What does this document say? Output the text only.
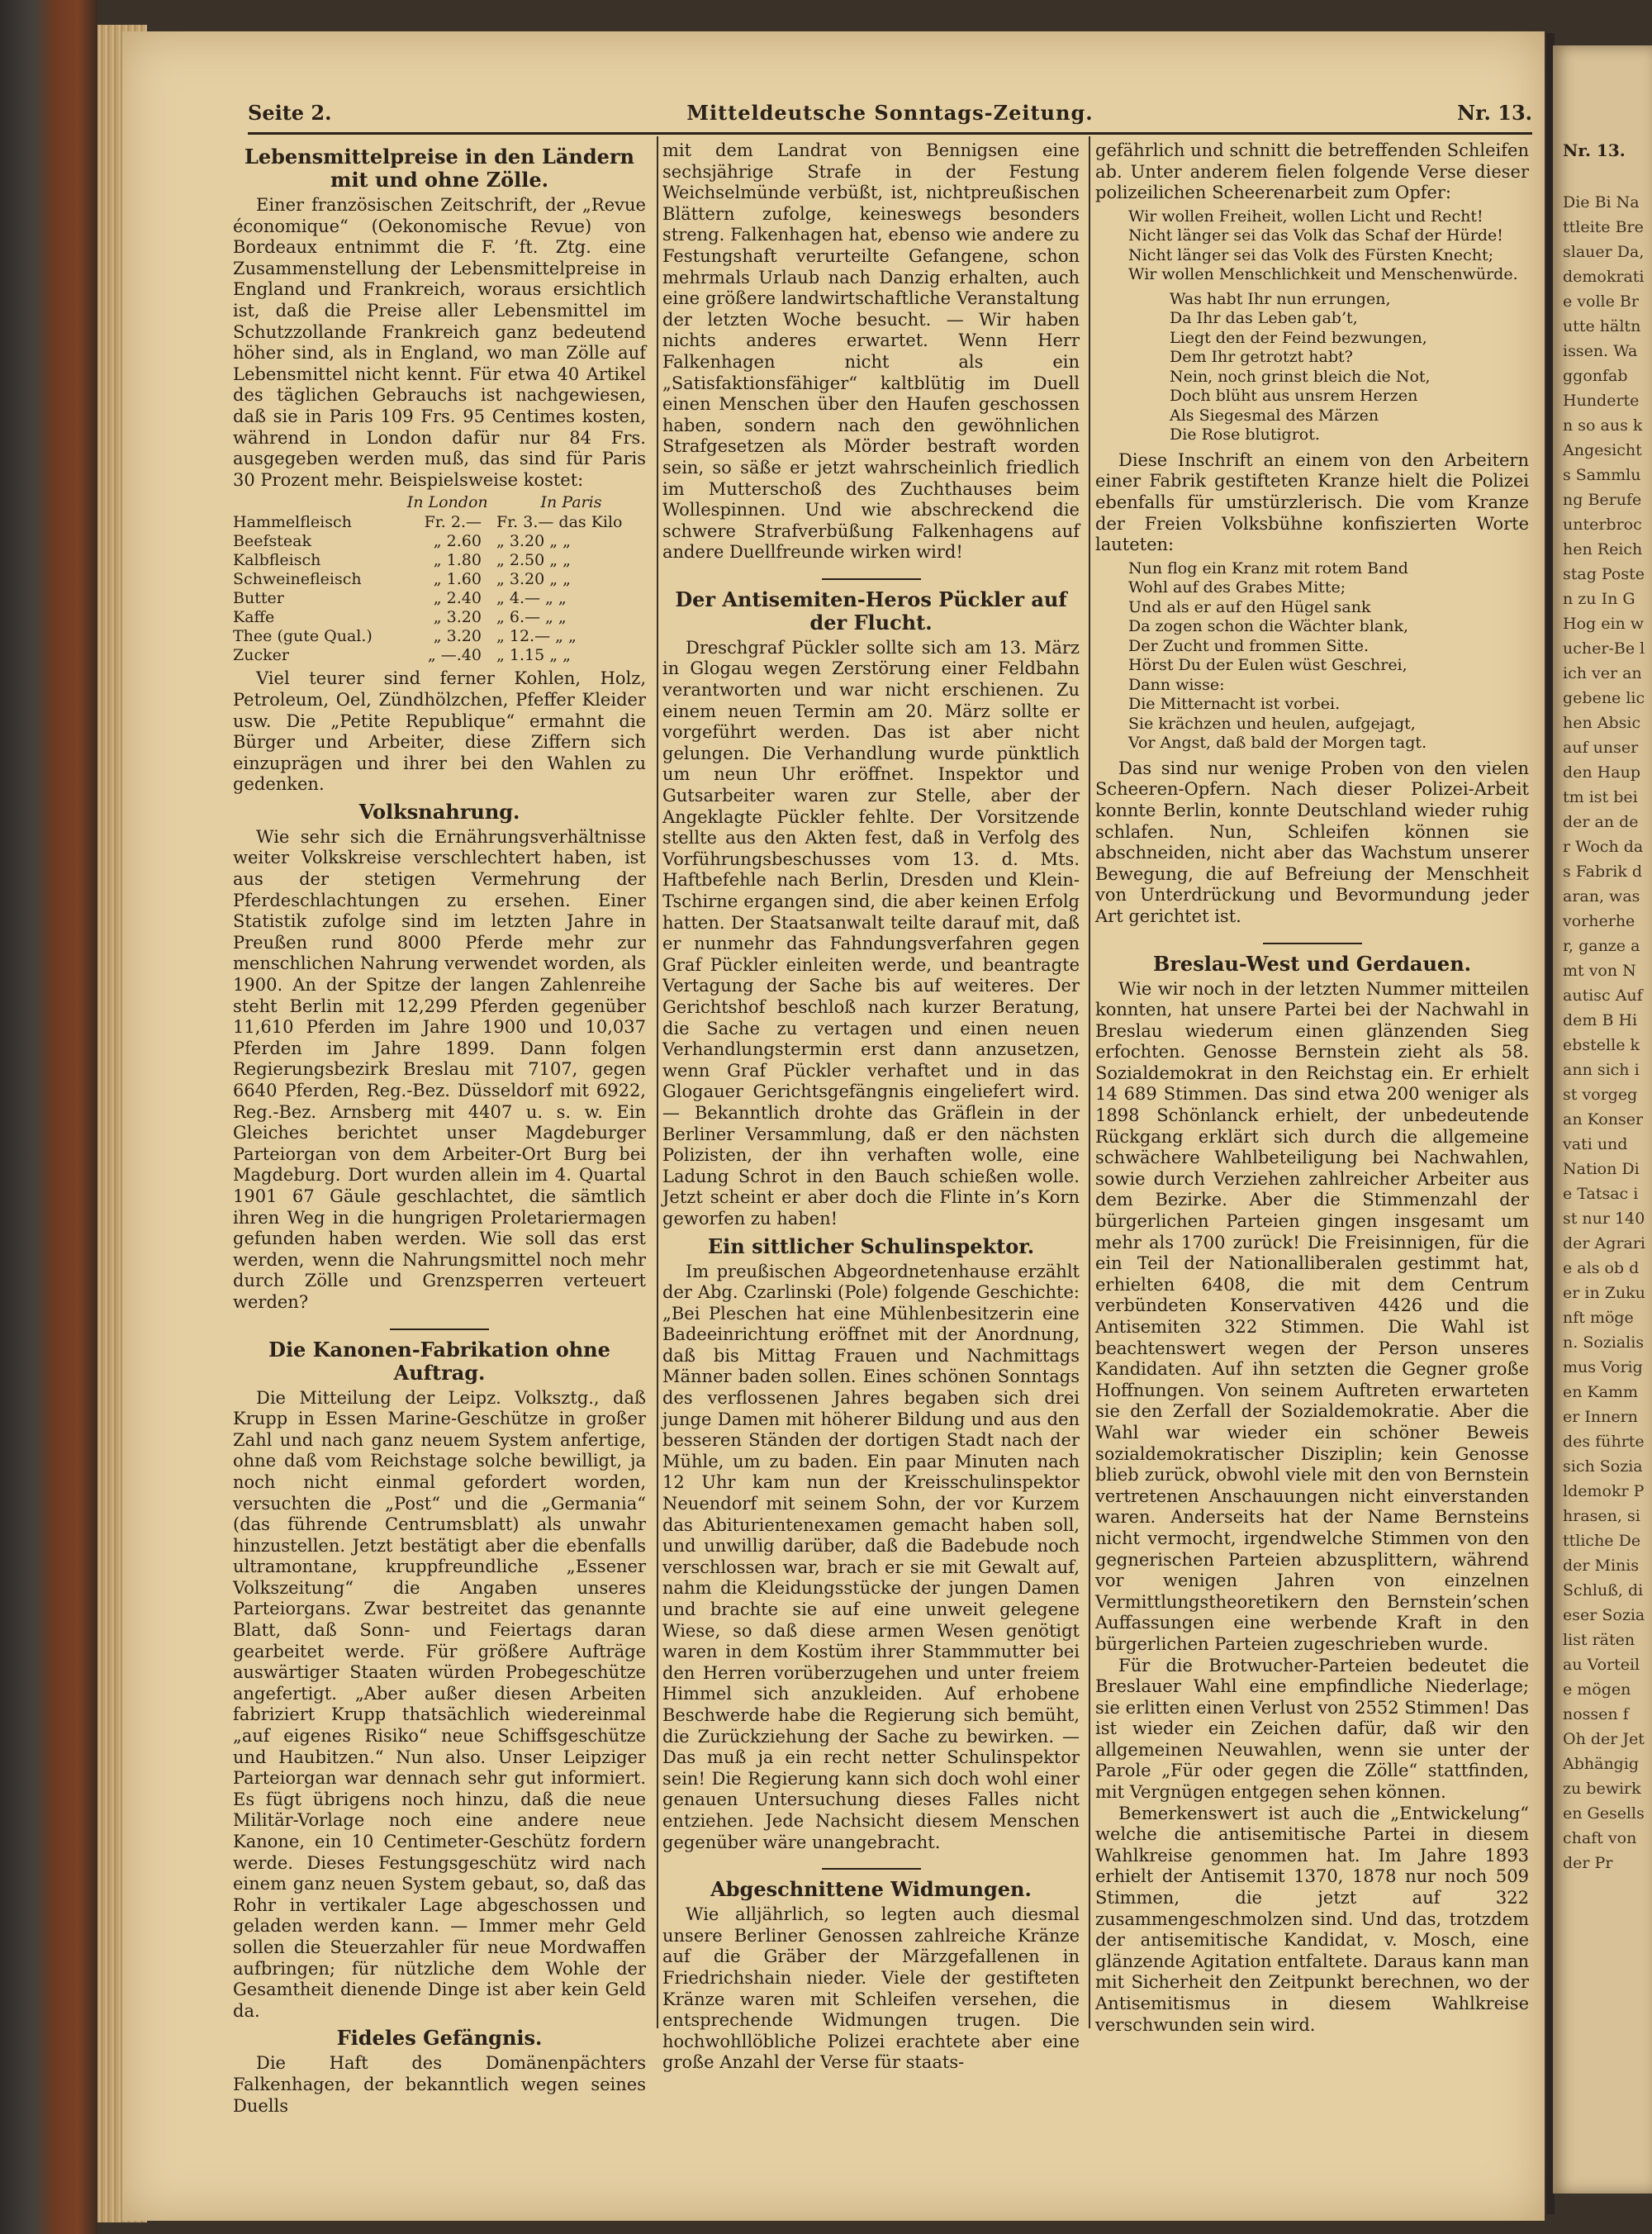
Nr. 13.
Die Bi Nattleite Breslauer Da, demokratie volle Brutte hältnissen. Waggonfab Hunderten so aus k Angesichts Sammlung Berufe unterbrochen Reichstag Posten zu In G Hog ein wucher-Be lich ver angebene lichen Absic auf unser den Hauptm ist bei der an der Woch das Fabrik daran, was vorherher, ganze amt von Nautisc Auf dem B Hiebstelle kann sich ist vorgegan Konservati und Nation Die Tatsac ist nur 140 der Agrarie als ob der in Zukunft mögen. Sozialismus Vorigen Kammer Innern des führte sich Sozialdemokr Phrasen, sittliche De der Minis Schluß, dieser Sozialist räten au Vorteile mögen nossen f Oh der Jet Abhängig zu bewirken Gesellschaft von der Pr
Seite 2.	Mitteldeutsche Sonntags-Zeitung.	Nr. 13.
Lebensmittelpreise in den Ländern mit und ohne Zölle.

Einer französischen Zeitschrift, der „Revue économique“ (Oekonomische Revue) von Bordeaux entnimmt die F. ’ft. Ztg. eine Zusammenstellung der Lebensmittelpreise in England und Frankreich, woraus ersichtlich ist, daß die Preise aller Lebensmittel im Schutzzollande Frankreich ganz bedeutend höher sind, als in England, wo man Zölle auf Lebensmittel nicht kennt. Für etwa 40 Artikel des täglichen Gebrauchs ist nachgewiesen, daß sie in Paris 109 Frs. 95 Centimes kosten, während in London dafür nur 84 Frs. ausgegeben werden muß, das sind für Paris 30 Prozent mehr. Beispielsweise kostet:

	In London	In Paris
Hammelfleisch	Fr. 2.—	Fr. 3.— das Kilo
Beefsteak	„ 2.60	„ 3.20 „ „
Kalbfleisch	„ 1.80	„ 2.50 „ „
Schweinefleisch	„ 1.60	„ 3.20 „ „
Butter	„ 2.40	„ 4.— „ „
Kaffe	„ 3.20	„ 6.— „ „
Thee (gute Qual.)	„ 3.20	„ 12.— „ „
Zucker	„ —.40	„ 1.15 „ „

Viel teurer sind ferner Kohlen, Holz, Petroleum, Oel, Zündhölzchen, Pfeffer Kleider usw. Die „Petite Republique“ ermahnt die Bürger und Arbeiter, diese Ziffern sich einzuprägen und ihrer bei den Wahlen zu gedenken.

Volksnahrung.

Wie sehr sich die Ernährungsverhältnisse weiter Volkskreise verschlechtert haben, ist aus der stetigen Vermehrung der Pferdeschlachtungen zu ersehen. Einer Statistik zufolge sind im letzten Jahre in Preußen rund 8000 Pferde mehr zur menschlichen Nahrung verwendet worden, als 1900. An der Spitze der langen Zahlenreihe steht Berlin mit 12,299 Pferden gegenüber 11,610 Pferden im Jahre 1900 und 10,037 Pferden im Jahre 1899. Dann folgen Regierungsbezirk Breslau mit 7107, gegen 6640 Pferden, Reg.-Bez. Düsseldorf mit 6922, Reg.-Bez. Arnsberg mit 4407 u. s. w. Ein Gleiches berichtet unser Magdeburger Parteiorgan von dem Arbeiter-Ort Burg bei Magdeburg. Dort wurden allein im 4. Quartal 1901 67 Gäule geschlachtet, die sämtlich ihren Weg in die hungrigen Proletariermagen gefunden haben werden. Wie soll das erst werden, wenn die Nahrungsmittel noch mehr durch Zölle und Grenzsperren verteuert werden?

Die Kanonen-Fabrikation ohne Auftrag.

Die Mitteilung der Leipz. Volksztg., daß Krupp in Essen Marine-Geschütze in großer Zahl und nach ganz neuem System anfertige, ohne daß vom Reichstage solche bewilligt, ja noch nicht einmal gefordert worden, versuchten die „Post“ und die „Germania“ (das führende Centrumsblatt) als unwahr hinzustellen. Jetzt bestätigt aber die ebenfalls ultramontane, kruppfreundliche „Essener Volkszeitung“ die Angaben unseres Parteiorgans. Zwar bestreitet das genannte Blatt, daß Sonn- und Feiertags daran gearbeitet werde. Für größere Aufträge auswärtiger Staaten würden Probegeschütze angefertigt. „Aber außer diesen Arbeiten fabriziert Krupp thatsächlich wiedereinmal „auf eigenes Risiko“ neue Schiffsgeschütze und Haubitzen.“ Nun also. Unser Leipziger Parteiorgan war dennach sehr gut informiert. Es fügt übrigens noch hinzu, daß die neue Militär-Vorlage noch eine andere neue Kanone, ein 10 Centimeter-Geschütz fordern werde. Dieses Festungsgeschütz wird nach einem ganz neuen System gebaut, so, daß das Rohr in vertikaler Lage abgeschossen und geladen werden kann. — Immer mehr Geld sollen die Steuerzahler für neue Mordwaffen aufbringen; für nützliche dem Wohle der Gesamtheit dienende Dinge ist aber kein Geld da.

Fideles Gefängnis.

Die Haft des Domänenpächters Falkenhagen, der bekanntlich wegen seines Duells

mit dem Landrat von Bennigsen eine sechsjährige Strafe in der Festung Weichselmünde verbüßt, ist, nichtpreußischen Blättern zufolge, keineswegs besonders streng. Falkenhagen hat, ebenso wie andere zu Festungshaft verurteilte Gefangene, schon mehrmals Urlaub nach Danzig erhalten, auch eine größere landwirtschaftliche Veranstaltung der letzten Woche besucht. — Wir haben nichts anderes erwartet. Wenn Herr Falkenhagen nicht als ein „Satisfaktionsfähiger“ kaltblütig im Duell einen Menschen über den Haufen geschossen haben, sondern nach den gewöhnlichen Strafgesetzen als Mörder bestraft worden sein, so säße er jetzt wahrscheinlich friedlich im Mutterschoß des Zuchthauses beim Wollespinnen. Und wie abschreckend die schwere Strafverbüßung Falkenhagens auf andere Duellfreunde wirken wird!

Der Antisemiten-Heros Pückler auf der Flucht.

Dreschgraf Pückler sollte sich am 13. März in Glogau wegen Zerstörung einer Feldbahn verantworten und war nicht erschienen. Zu einem neuen Termin am 20. März sollte er vorgeführt werden. Das ist aber nicht gelungen. Die Verhandlung wurde pünktlich um neun Uhr eröffnet. Inspektor und Gutsarbeiter waren zur Stelle, aber der Angeklagte Pückler fehlte. Der Vorsitzende stellte aus den Akten fest, daß in Verfolg des Vorführungsbeschusses vom 13. d. Mts. Haftbefehle nach Berlin, Dresden und Klein-Tschirne ergangen sind, die aber keinen Erfolg hatten. Der Staatsanwalt teilte darauf mit, daß er nunmehr das Fahndungsverfahren gegen Graf Pückler einleiten werde, und beantragte Vertagung der Sache bis auf weiteres. Der Gerichtshof beschloß nach kurzer Beratung, die Sache zu vertagen und einen neuen Verhandlungstermin erst dann anzusetzen, wenn Graf Pückler verhaftet und in das Glogauer Gerichtsgefängnis eingeliefert wird. — Bekanntlich drohte das Gräflein in der Berliner Versammlung, daß er den nächsten Polizisten, der ihn verhaften wolle, eine Ladung Schrot in den Bauch schießen wolle. Jetzt scheint er aber doch die Flinte in’s Korn geworfen zu haben!

Ein sittlicher Schulinspektor.

Im preußischen Abgeordnetenhause erzählt der Abg. Czarlinski (Pole) folgende Geschichte: „Bei Pleschen hat eine Mühlenbesitzerin eine Badeeinrichtung eröffnet mit der Anordnung, daß bis Mittag Frauen und Nachmittags Männer baden sollen. Eines schönen Sonntags des verflossenen Jahres begaben sich drei junge Damen mit höherer Bildung und aus den besseren Ständen der dortigen Stadt nach der Mühle, um zu baden. Ein paar Minuten nach 12 Uhr kam nun der Kreisschulinspektor Neuendorf mit seinem Sohn, der vor Kurzem das Abiturientenexamen gemacht haben soll, und unwillig darüber, daß die Badebude noch verschlossen war, brach er sie mit Gewalt auf, nahm die Kleidungsstücke der jungen Damen und brachte sie auf eine unweit gelegene Wiese, so daß diese armen Wesen genötigt waren in dem Kostüm ihrer Stammmutter bei den Herren vorüberzugehen und unter freiem Himmel sich anzukleiden. Auf erhobene Beschwerde habe die Regierung sich bemüht, die Zurückziehung der Sache zu bewirken. — Das muß ja ein recht netter Schulinspektor sein! Die Regierung kann sich doch wohl einer genauen Untersuchung dieses Falles nicht entziehen. Jede Nachsicht diesem Menschen gegenüber wäre unangebracht.

Abgeschnittene Widmungen.

Wie alljährlich, so legten auch diesmal unsere Berliner Genossen zahlreiche Kränze auf die Gräber der Märzgefallenen in Friedrichshain nieder. Viele der gestifteten Kränze waren mit Schleifen versehen, die entsprechende Widmungen trugen. Die hochwohllöbliche Polizei erachtete aber eine große Anzahl der Verse für staats-

gefährlich und schnitt die betreffenden Schleifen ab. Unter anderem fielen folgende Verse dieser polizeilichen Scheerenarbeit zum Opfer:

Wir wollen Freiheit, wollen Licht und Recht!
Nicht länger sei das Volk das Schaf der Hürde!
Nicht länger sei das Volk des Fürsten Knecht;
Wir wollen Menschlichkeit und Menschenwürde.
Was habt Ihr nun errungen,
Da Ihr das Leben gab’t,
Liegt den der Feind bezwungen,
Dem Ihr getrotzt habt?
Nein, noch grinst bleich die Not,
Doch blüht aus unsrem Herzen
Als Siegesmal des Märzen
Die Rose blutigrot.

Diese Inschrift an einem von den Arbeitern einer Fabrik gestifteten Kranze hielt die Polizei ebenfalls für umstürzlerisch. Die vom Kranze der Freien Volksbühne konfiszierten Worte lauteten:

Nun flog ein Kranz mit rotem Band
Wohl auf des Grabes Mitte;
Und als er auf den Hügel sank
Da zogen schon die Wächter blank,
Der Zucht und frommen Sitte.
Hörst Du der Eulen wüst Geschrei,
Dann wisse:
Die Mitternacht ist vorbei.
Sie krächzen und heulen, aufgejagt,
Vor Angst, daß bald der Morgen tagt.

Das sind nur wenige Proben von den vielen Scheeren-Opfern. Nach dieser Polizei-Arbeit konnte Berlin, konnte Deutschland wieder ruhig schlafen. Nun, Schleifen können sie abschneiden, nicht aber das Wachstum unserer Bewegung, die auf Befreiung der Menschheit von Unterdrückung und Bevormundung jeder Art gerichtet ist.

Breslau-West und Gerdauen.

Wie wir noch in der letzten Nummer mitteilen konnten, hat unsere Partei bei der Nachwahl in Breslau wiederum einen glänzenden Sieg erfochten. Genosse Bernstein zieht als 58. Sozialdemokrat in den Reichstag ein. Er erhielt 14 689 Stimmen. Das sind etwa 200 weniger als 1898 Schönlanck erhielt, der unbedeutende Rückgang erklärt sich durch die allgemeine schwächere Wahlbeteiligung bei Nachwahlen, sowie durch Verziehen zahlreicher Arbeiter aus dem Bezirke. Aber die Stimmenzahl der bürgerlichen Parteien gingen insgesamt um mehr als 1700 zurück! Die Freisinnigen, für die ein Teil der Nationalliberalen gestimmt hat, erhielten 6408, die mit dem Centrum verbündeten Konservativen 4426 und die Antisemiten 322 Stimmen. Die Wahl ist beachtenswert wegen der Person unseres Kandidaten. Auf ihn setzten die Gegner große Hoffnungen. Von seinem Auftreten erwarteten sie den Zerfall der Sozialdemokratie. Aber die Wahl war wieder ein schöner Beweis sozialdemokratischer Disziplin; kein Genosse blieb zurück, obwohl viele mit den von Bernstein vertretenen Anschauungen nicht einverstanden waren. Anderseits hat der Name Bernsteins nicht vermocht, irgendwelche Stimmen von den gegnerischen Parteien abzusplittern, während vor wenigen Jahren von einzelnen Vermittlungstheoretikern den Bernstein’schen Auffassungen eine werbende Kraft in den bürgerlichen Parteien zugeschrieben wurde.

Für die Brotwucher-Parteien bedeutet die Breslauer Wahl eine empfindliche Niederlage; sie erlitten einen Verlust von 2552 Stimmen! Das ist wieder ein Zeichen dafür, daß wir den allgemeinen Neuwahlen, wenn sie unter der Parole „Für oder gegen die Zölle“ stattfinden, mit Vergnügen entgegen sehen können.

Bemerkenswert ist auch die „Entwickelung“ welche die antisemitische Partei in diesem Wahlkreise genommen hat. Im Jahre 1893 erhielt der Antisemit 1370, 1878 nur noch 509 Stimmen, die jetzt auf 322 zusammengeschmolzen sind. Und das, trotzdem der antisemitische Kandidat, v. Mosch, eine glänzende Agitation entfaltete. Daraus kann man mit Sicherheit den Zeitpunkt berechnen, wo der Antisemitismus in diesem Wahlkreise verschwunden sein wird.
